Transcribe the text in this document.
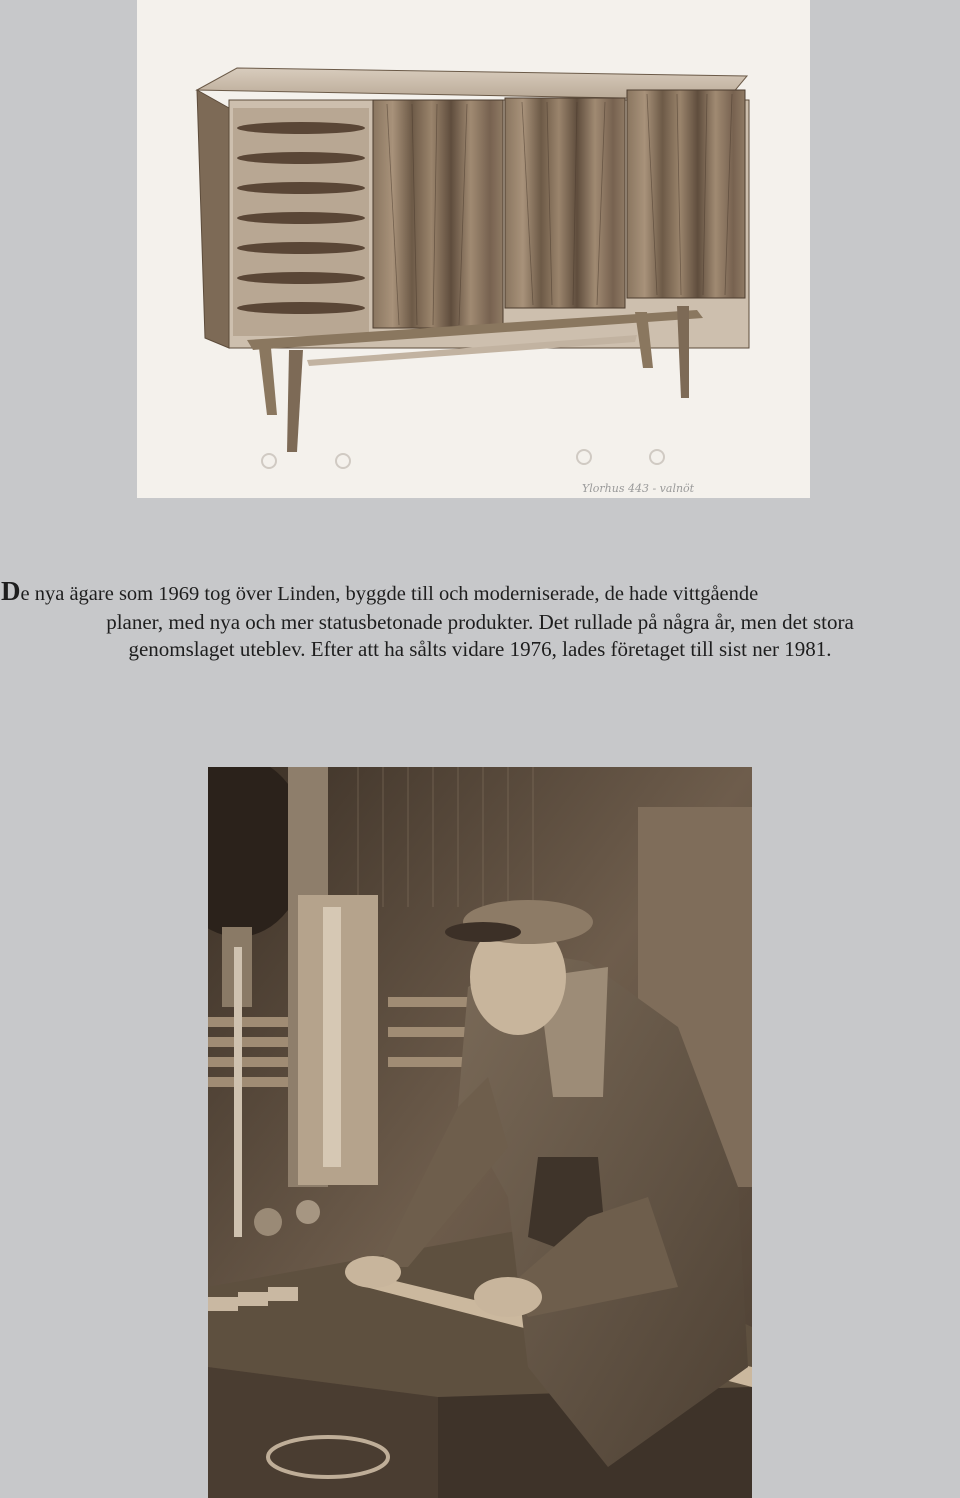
Ylorhus 443 - valnöt
De nya ägare som 1969 tog över Linden, byggde till och moderniserade, de hade vittgående
planer, med nya och mer statusbetonade produkter. Det rullade på några år, men det stora
genomslaget uteblev. Efter att ha sålts vidare 1976, lades företaget till sist ner 1981.
